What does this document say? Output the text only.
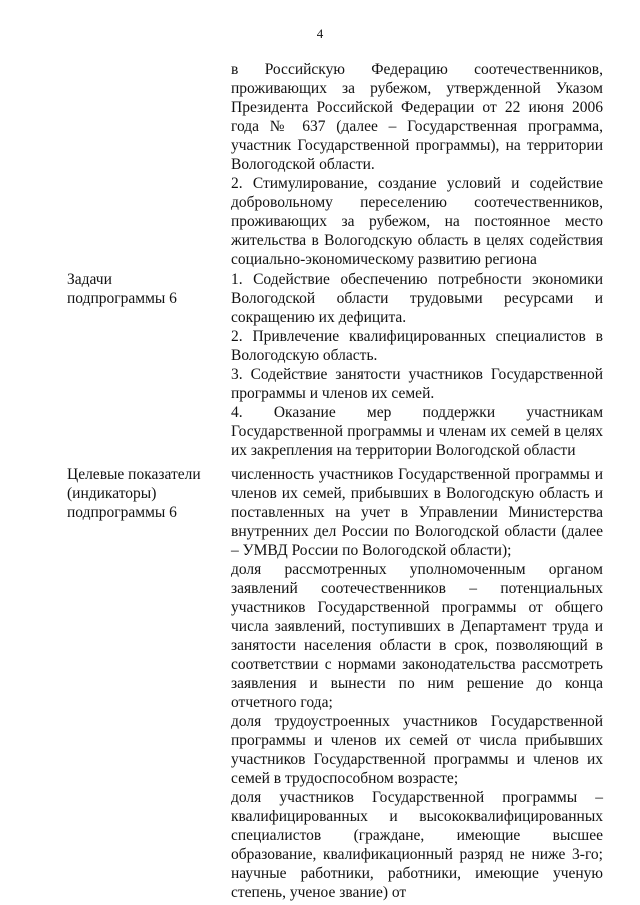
4

в Российскую Федерацию соотечественников, проживающих за рубежом, утвержденной Указом Президента Российской Федерации от 22 июня 2006 года № 637 (далее – Государственная программа, участник Государственной программы), на территории Вологодской области.

2. Стимулирование, создание условий и содействие добровольному переселению соотечественников, проживающих за рубежом, на постоянное место жительства в Вологодскую область в целях содействия социально-экономическому развитию региона

Задачи

подпрограммы 6

1. Содействие обеспечению потребности экономики Вологодской области трудовыми ресурсами и сокращению их дефицита.

2. Привлечение квалифицированных специалистов в Вологодскую область.

3. Содействие занятости участников Государственной программы и членов их семей.

4. Оказание мер поддержки участникам Государственной программы и членам их семей в целях их закрепления на территории Вологодской области

Целевые показатели

(индикаторы)

подпрограммы 6

численность участников Государственной программы и членов их семей, прибывших в Вологодскую область и поставленных на учет в Управлении Министерства внутренних дел России по Вологодской области (далее – УМВД России по Вологодской области);

доля рассмотренных уполномоченным органом заявлений соотечественников – потенциальных участников Государственной программы от общего числа заявлений, поступивших в Департамент труда и занятости населения области в срок, позволяющий в соответствии с нормами законодательства рассмотреть заявления и вынести по ним решение до конца отчетного года;

доля трудоустроенных участников Государственной программы и членов их семей от числа прибывших участников Государственной программы и членов их семей в трудоспособном возрасте;

доля участников Государственной программы – квалифицированных и высококвалифицированных специалистов (граждане, имеющие высшее образование, квалификационный разряд не ниже 3-го; научные работники, работники, имеющие ученую степень, ученое звание) от
